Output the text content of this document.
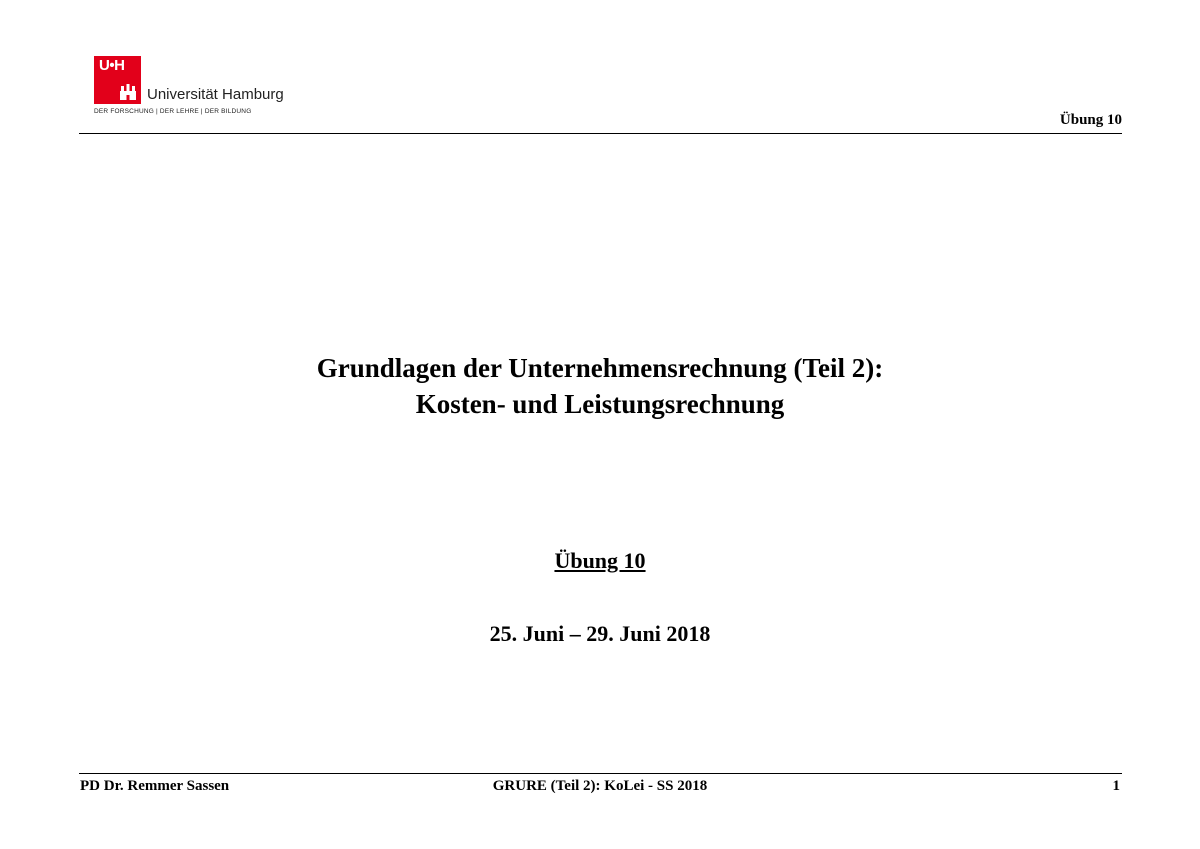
U•H
Universität Hamburg
DER FORSCHUNG | DER LEHRE | DER BILDUNG
Übung 10
Grundlagen der Unternehmensrechnung (Teil 2):
Kosten- und Leistungsrechnung
Übung 10
25. Juni – 29. Juni 2018
PD Dr. Remmer Sassen	GRURE (Teil 2): KoLei - SS 2018	1
